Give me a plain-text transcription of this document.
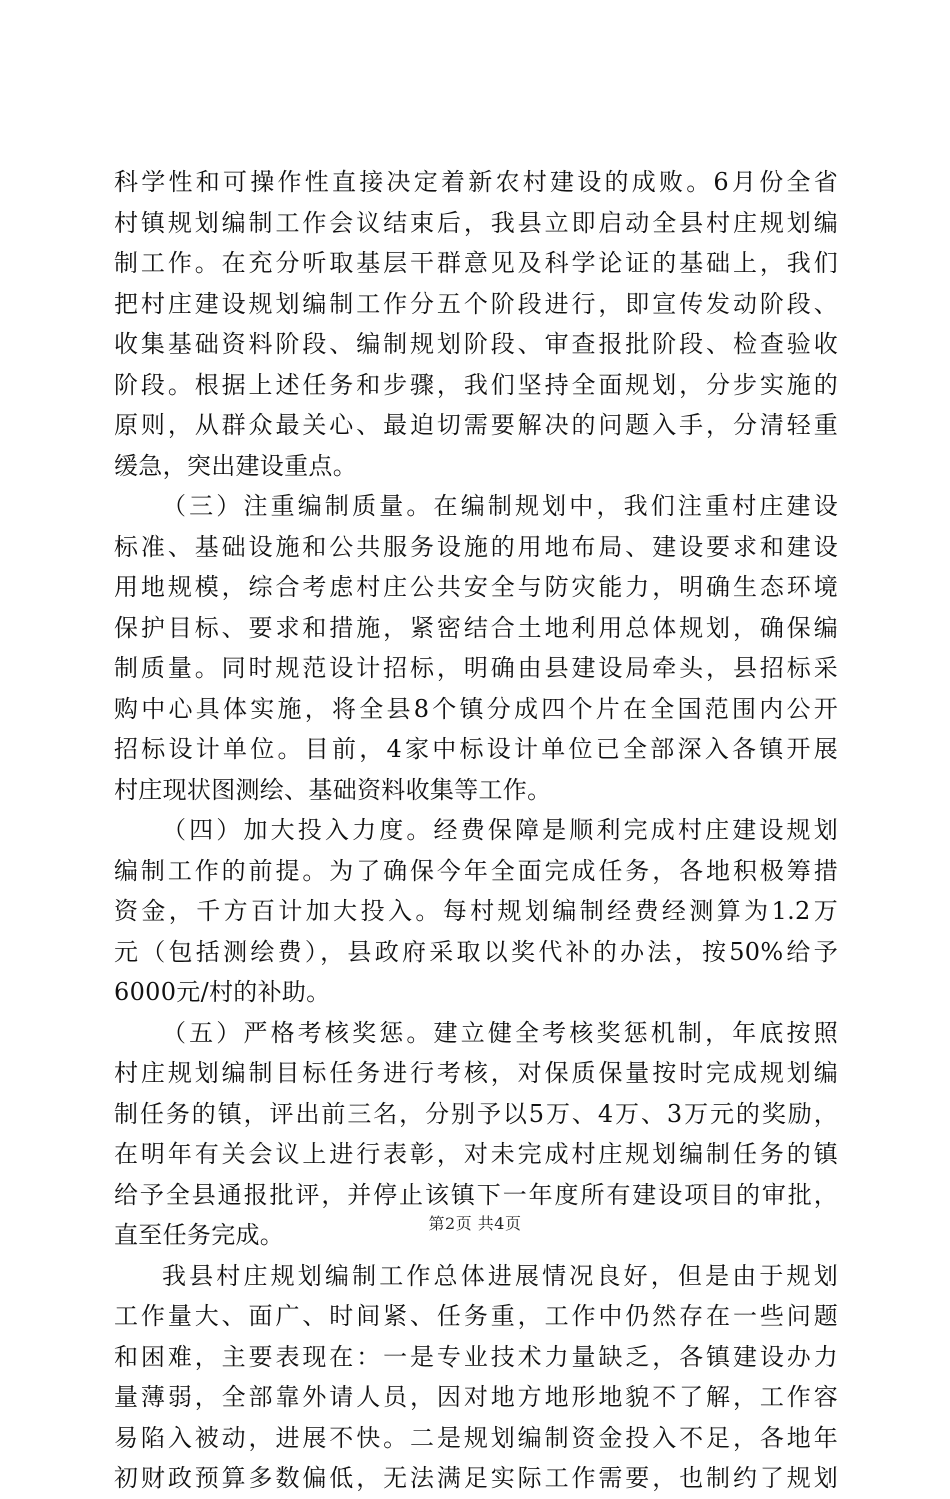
科学性和可操作性直接决定着新农村建设的成败。6月份全省
村镇规划编制工作会议结束后，我县立即启动全县村庄规划编
制工作。在充分听取基层干群意见及科学论证的基础上，我们
把村庄建设规划编制工作分五个阶段进行，即宣传发动阶段、
收集基础资料阶段、编制规划阶段、审查报批阶段、检查验收
阶段。根据上述任务和步骤，我们坚持全面规划，分步实施的
原则，从群众最关心、最迫切需要解决的问题入手，分清轻重
缓急，突出建设重点。
（三）注重编制质量。在编制规划中，我们注重村庄建设
标准、基础设施和公共服务设施的用地布局、建设要求和建设
用地规模，综合考虑村庄公共安全与防灾能力，明确生态环境
保护目标、要求和措施，紧密结合土地利用总体规划，确保编
制质量。同时规范设计招标，明确由县建设局牵头，县招标采
购中心具体实施，将全县8个镇分成四个片在全国范围内公开
招标设计单位。目前，4家中标设计单位已全部深入各镇开展
村庄现状图测绘、基础资料收集等工作。
（四）加大投入力度。经费保障是顺利完成村庄建设规划
编制工作的前提。为了确保今年全面完成任务，各地积极筹措
资金，千方百计加大投入。每村规划编制经费经测算为1.2万
元（包括测绘费），县政府采取以奖代补的办法，按50%给予
6000元/村的补助。
（五）严格考核奖惩。建立健全考核奖惩机制，年底按照
村庄规划编制目标任务进行考核，对保质保量按时完成规划编
制任务的镇，评出前三名，分别予以5万、4万、3万元的奖励，
在明年有关会议上进行表彰，对未完成村庄规划编制任务的镇
给予全县通报批评，并停止该镇下一年度所有建设项目的审批，
直至任务完成。
我县村庄规划编制工作总体进展情况良好，但是由于规划
工作量大、面广、时间紧、任务重，工作中仍然存在一些问题
和困难，主要表现在：一是专业技术力量缺乏，各镇建设办力
量薄弱，全部靠外请人员，因对地方地形地貌不了解，工作容
易陷入被动，进展不快。二是规划编制资金投入不足，各地年
初财政预算多数偏低，无法满足实际工作需要，也制约了规划
第2页 共4页
